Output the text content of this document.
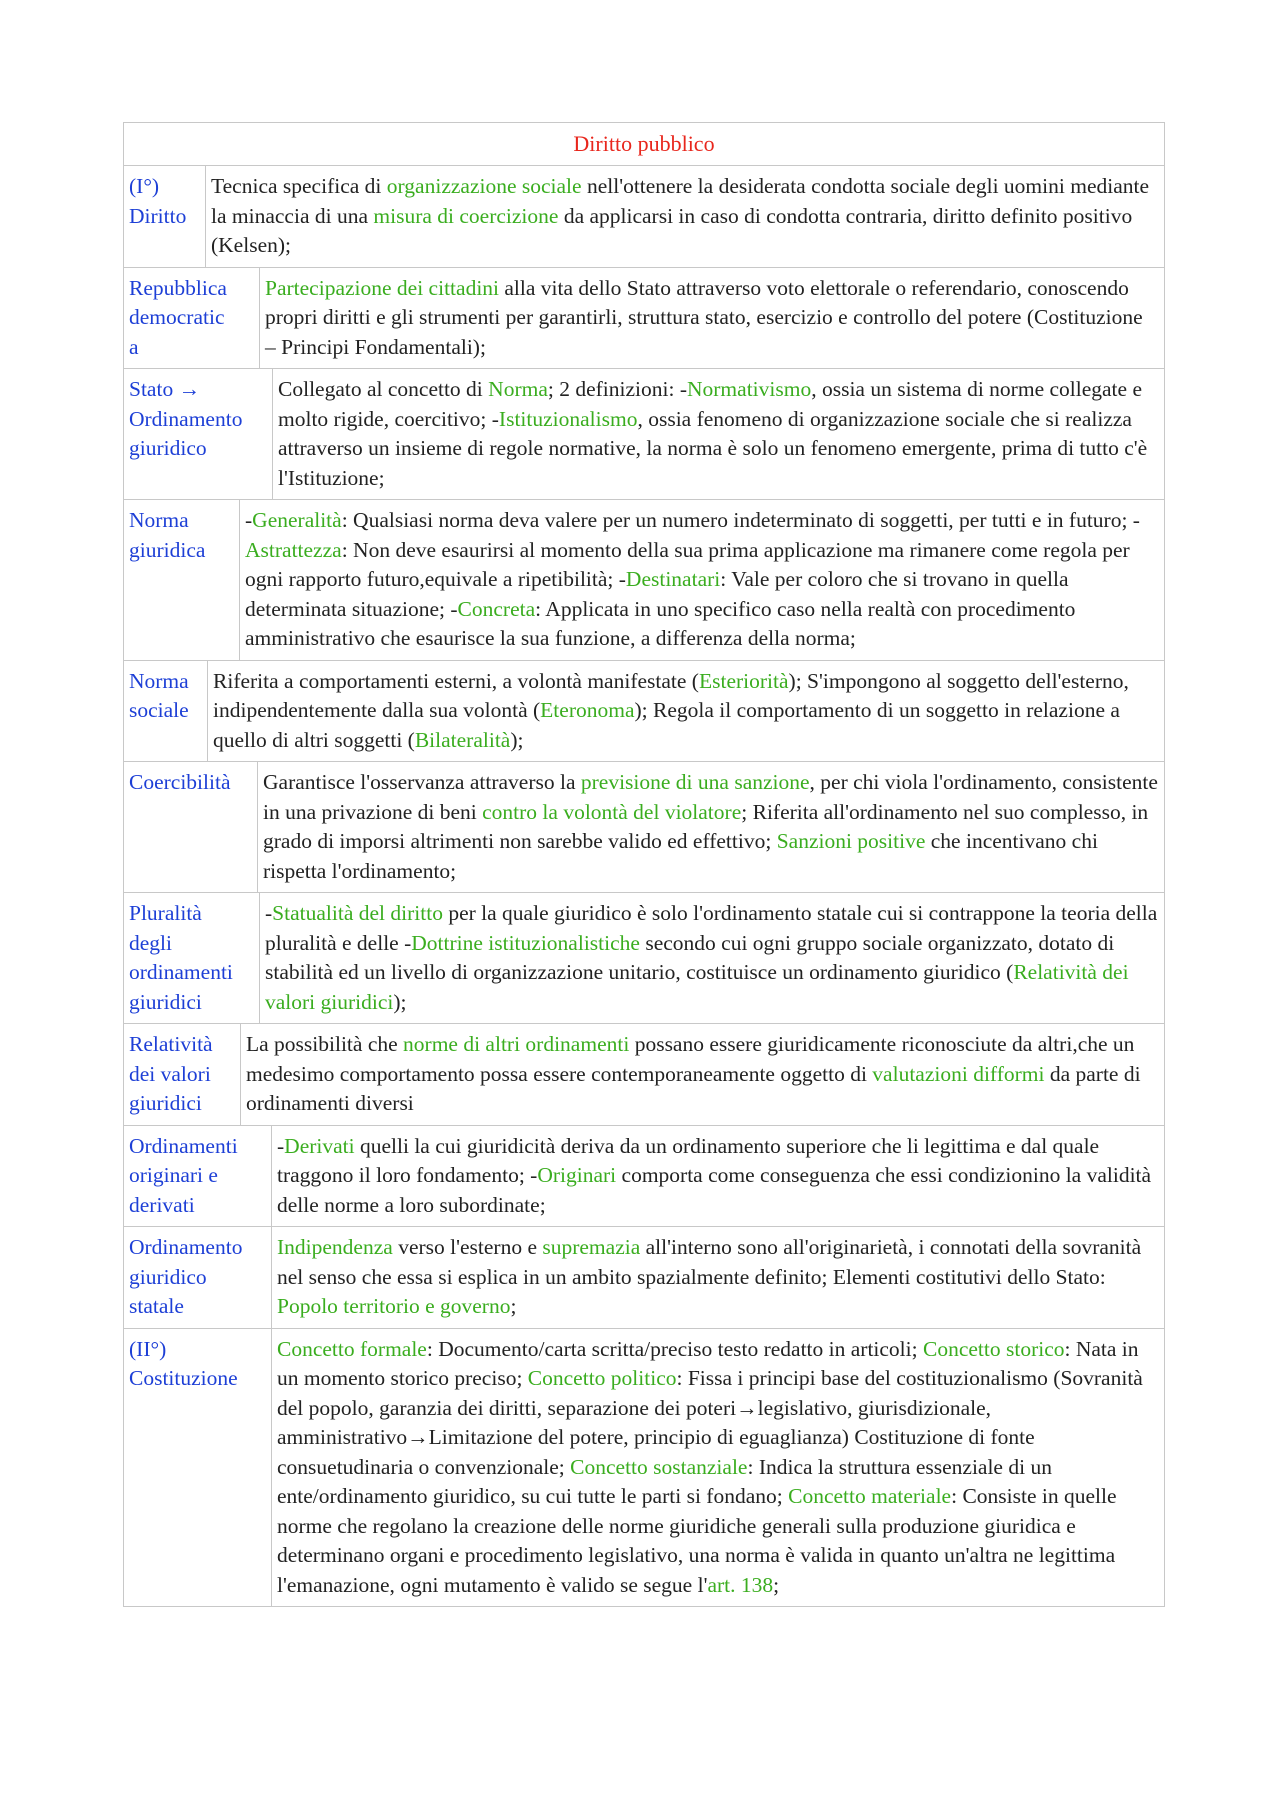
Diritto pubblico
(I°)
Diritto
Tecnica specifica di organizzazione sociale nell'ottenere la desiderata condotta sociale degli uomini mediante la minaccia di una misura di coercizione da applicarsi in caso di condotta contraria, diritto definito positivo (Kelsen);
Repubblica
democratic
a
Partecipazione dei cittadini alla vita dello Stato attraverso voto elettorale o referendario, conoscendo propri diritti e gli strumenti per garantirli, struttura stato, esercizio e controllo del potere (Costituzione – Principi Fondamentali);
Stato →
Ordinamento
giuridico
Collegato al concetto di Norma; 2 definizioni: -Normativismo, ossia un sistema di norme collegate e molto rigide, coercitivo; -Istituzionalismo, ossia fenomeno di organizzazione sociale che si realizza attraverso un insieme di regole normative, la norma è solo un fenomeno emergente, prima di tutto c'è l'Istituzione;
Norma
giuridica
-Generalità: Qualsiasi norma deva valere per un numero indeterminato di soggetti, per tutti e in futuro; -Astrattezza: Non deve esaurirsi al momento della sua prima applicazione ma rimanere come regola per ogni rapporto futuro,equivale a ripetibilità; -Destinatari: Vale per coloro che si trovano in quella determinata situazione; -Concreta: Applicata in uno specifico caso nella realtà con procedimento amministrativo che esaurisce la sua funzione, a differenza della norma;
Norma
sociale
Riferita a comportamenti esterni, a volontà manifestate (Esteriorità); S'impongono al soggetto dell'esterno, indipendentemente dalla sua volontà (Eteronoma); Regola il comportamento di un soggetto in relazione a quello di altri soggetti (Bilateralità);
Coercibilità	Garantisce l'osservanza attraverso la previsione di una sanzione, per chi viola l'ordinamento, consistente in una privazione di beni contro la volontà del violatore; Riferita all'ordinamento nel suo complesso, in grado di imporsi altrimenti non sarebbe valido ed effettivo; Sanzioni positive che incentivano chi rispetta l'ordinamento;
Pluralità
degli
ordinamenti
giuridici
-Statualità del diritto per la quale giuridico è solo l'ordinamento statale cui si contrappone la teoria della pluralità e delle -Dottrine istituzionalistiche secondo cui ogni gruppo sociale organizzato, dotato di stabilità ed un livello di organizzazione unitario, costituisce un ordinamento giuridico (Relatività dei valori giuridici);
Relatività
dei valori
giuridici
La possibilità che norme di altri ordinamenti possano essere giuridicamente riconosciute da altri,che un medesimo comportamento possa essere contemporaneamente oggetto di valutazioni difformi da parte di ordinamenti diversi
Ordinamenti
originari e
derivati
-Derivati quelli la cui giuridicità deriva da un ordinamento superiore che li legittima e dal quale traggono il loro fondamento; -Originari comporta come conseguenza che essi condizionino la validità delle norme a loro subordinate;
Ordinamento
giuridico
statale
Indipendenza verso l'esterno e supremazia all'interno sono all'originarietà, i connotati della sovranità nel senso che essa si esplica in un ambito spazialmente definito; Elementi costitutivi dello Stato: Popolo territorio e governo;
(II°)
Costituzione
Concetto formale: Documento/carta scritta/preciso testo redatto in articoli; Concetto storico: Nata in un momento storico preciso; Concetto politico: Fissa i principi base del costituzionalismo (Sovranità del popolo, garanzia dei diritti, separazione dei poteri→legislativo, giurisdizionale, amministrativo→Limitazione del potere, principio di eguaglianza) Costituzione di fonte consuetudinaria o convenzionale; Concetto sostanziale: Indica la struttura essenziale di un ente/ordinamento giuridico, su cui tutte le parti si fondano; Concetto materiale: Consiste in quelle norme che regolano la creazione delle norme giuridiche generali sulla produzione giuridica e determinano organi e procedimento legislativo, una norma è valida in quanto un'altra ne legittima l'emanazione, ogni mutamento è valido se segue l'art. 138;
